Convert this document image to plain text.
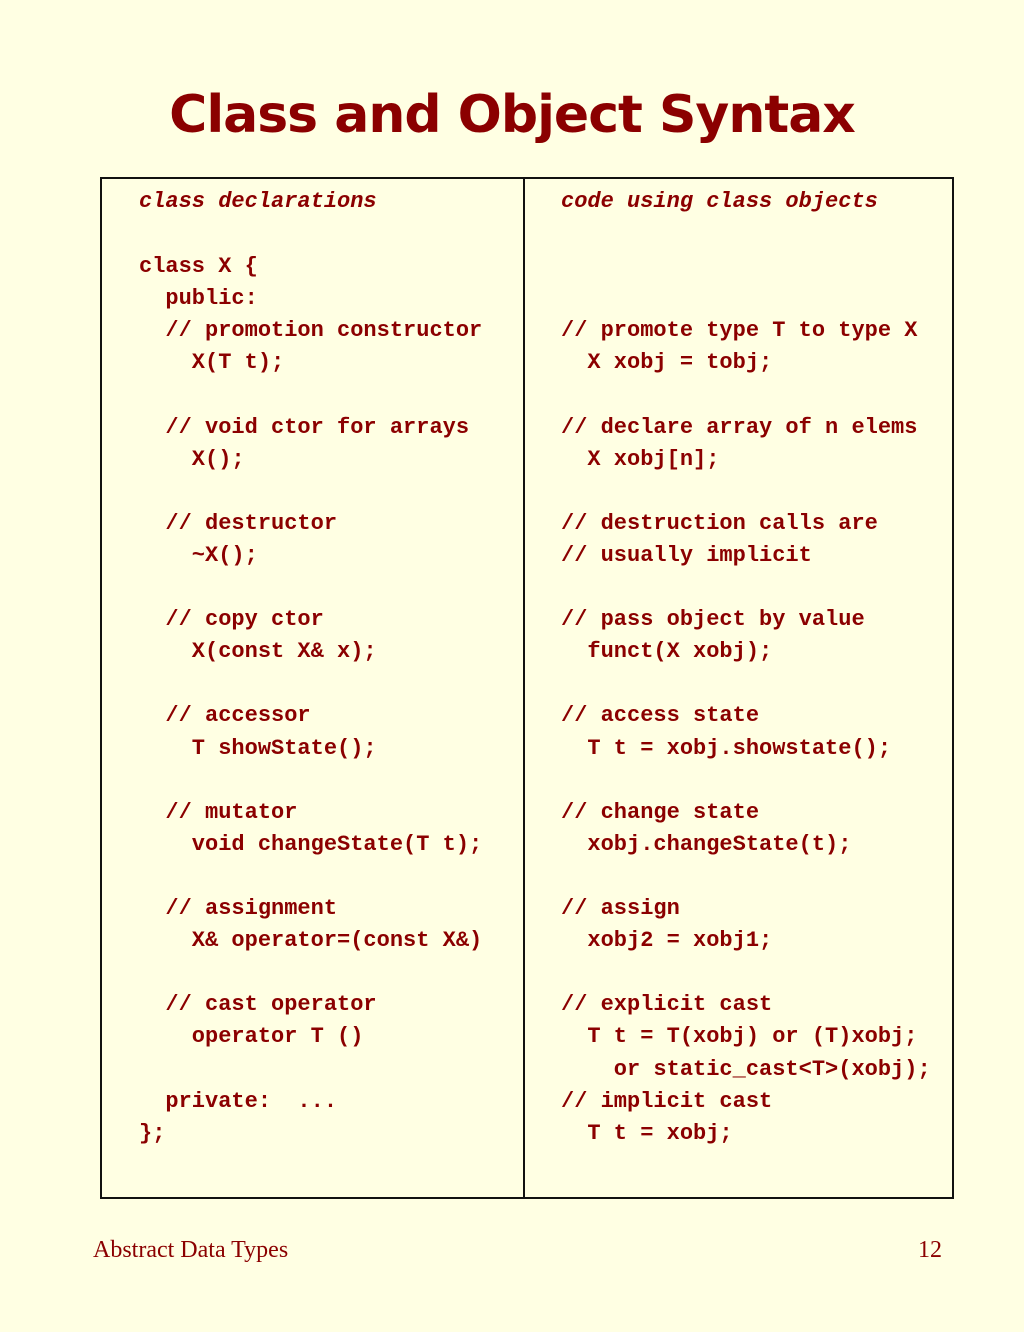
Class and Object Syntax
class declarations
class X {
public:
// promotion constructor
X(T t);
// void ctor for arrays
X();
// destructor
~X();
// copy ctor
X(const X& x);
// accessor
T showState();
// mutator
void changeState(T t);
// assignment
X& operator=(const X&)
// cast operator
operator T ()
private:  ...
};
code using class objects
// promote type T to type X
X xobj = tobj;
// declare array of n elems
X xobj[n];
// destruction calls are
// usually implicit
// pass object by value
funct(X xobj);
// access state
T t = xobj.showstate();
// change state
xobj.changeState(t);
// assign
xobj2 = xobj1;
// explicit cast
T t = T(xobj) or (T)xobj;
or static_cast<T>(xobj);
// implicit cast
T t = xobj;
Abstract Data Types	12
